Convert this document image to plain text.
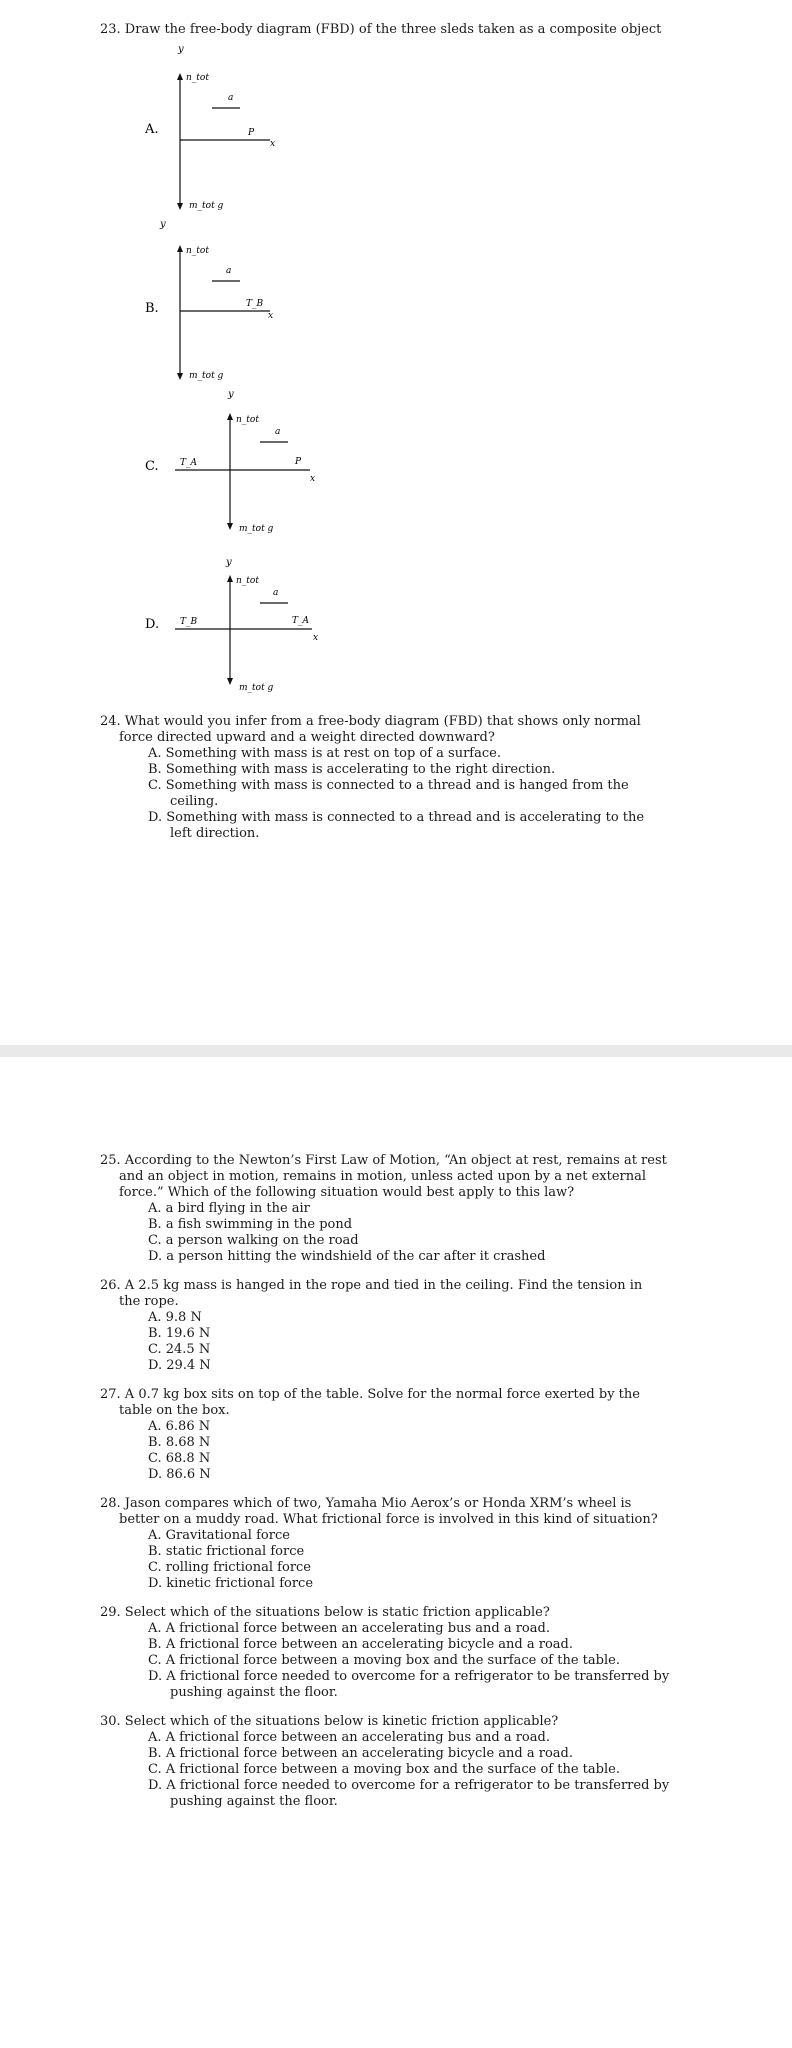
23. Draw the free-body diagram (FBD) of the three sleds taken as a composite object
A.
y
n_tot
m_tot g
P
x
a
B.
y
n_tot
m_tot g
T_B
x
a
C.
y
n_tot
m_tot g
T_A	P
x
a
D.
y
n_tot
m_tot g
T_B	T_A
x
a
24. What would you infer from a free-body diagram (FBD) that shows only normal
force directed upward and a weight directed downward?
A. Something with mass is at rest on top of a surface.
B. Something with mass is accelerating to the right direction.
C. Something with mass is connected to a thread and is hanged from the
ceiling.
D. Something with mass is connected to a thread and is accelerating to the
left direction.
25. According to the Newton’s First Law of Motion, “An object at rest, remains at rest
and an object in motion, remains in motion, unless acted upon by a net external
force.” Which of the following situation would best apply to this law?
A. a bird flying in the air
B. a fish swimming in the pond
C. a person walking on the road
D. a person hitting the windshield of the car after it crashed
26. A 2.5 kg mass is hanged in the rope and tied in the ceiling. Find the tension in
the rope.
A. 9.8 N
B. 19.6 N
C. 24.5 N
D. 29.4 N
27. A 0.7 kg box sits on top of the table. Solve for the normal force exerted by the
table on the box.
A. 6.86 N
B. 8.68 N
C. 68.8 N
D. 86.6 N
28. Jason compares which of two, Yamaha Mio Aerox’s or Honda XRM’s wheel is
better on a muddy road. What frictional force is involved in this kind of situation?
A. Gravitational force
B. static frictional force
C. rolling frictional force
D. kinetic frictional force
29. Select which of the situations below is static friction applicable?
A. A frictional force between an accelerating bus and a road.
B. A frictional force between an accelerating bicycle and a road.
C. A frictional force between a moving box and the surface of the table.
D. A frictional force needed to overcome for a refrigerator to be transferred by
pushing against the floor.
30. Select which of the situations below is kinetic friction applicable?
A. A frictional force between an accelerating bus and a road.
B. A frictional force between an accelerating bicycle and a road.
C. A frictional force between a moving box and the surface of the table.
D. A frictional force needed to overcome for a refrigerator to be transferred by
pushing against the floor.
